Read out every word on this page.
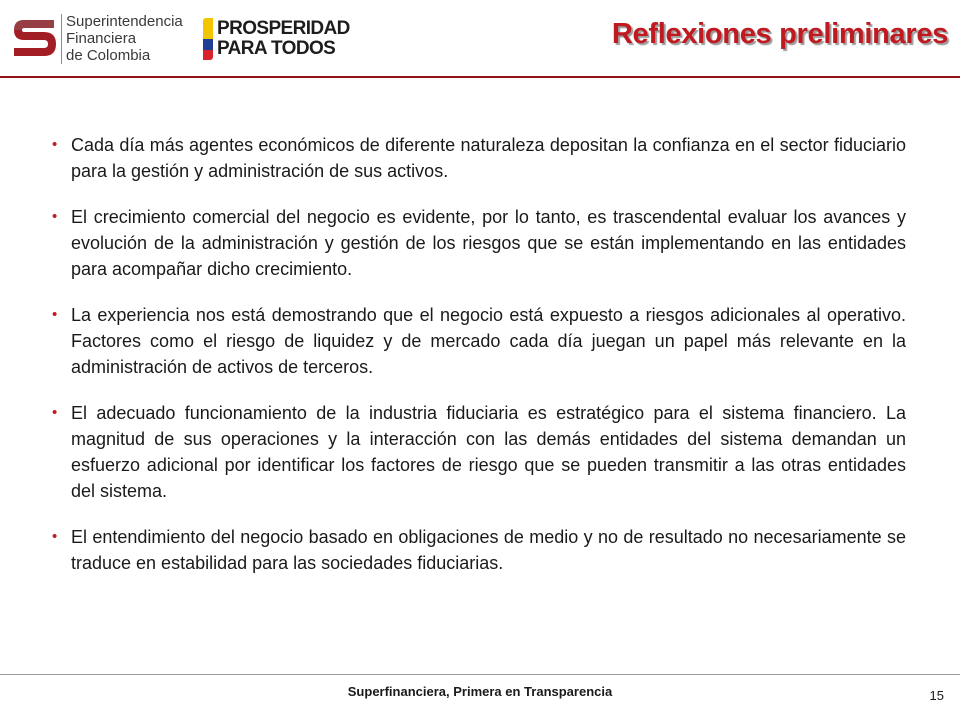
Superintendencia
Financiera
de Colombia
PROSPERIDAD
PARA TODOS	Reflexiones preliminares
• Cada día más agentes económicos de diferente naturaleza depositan la confianza en el sector fiduciario para la gestión y administración de sus activos.
• El crecimiento comercial del negocio es evidente, por lo tanto, es trascendental evaluar los avances y evolución de la administración y gestión de los riesgos que se están implementando en las entidades para acompañar dicho crecimiento.
• La experiencia nos está demostrando que el negocio está expuesto a riesgos adicionales al operativo. Factores como el riesgo de liquidez y de mercado cada día juegan un papel más relevante en la administración de activos de terceros.
• El adecuado funcionamiento de la industria fiduciaria es estratégico para el sistema financiero. La magnitud de sus operaciones y la interacción con las demás entidades del sistema demandan un esfuerzo adicional por identificar los factores de riesgo que se pueden transmitir a las otras entidades del sistema.
• El entendimiento del negocio basado en obligaciones de medio y no de resultado no necesariamente se traduce en estabilidad para las sociedades fiduciarias.
Superfinanciera, Primera en Transparencia	15
